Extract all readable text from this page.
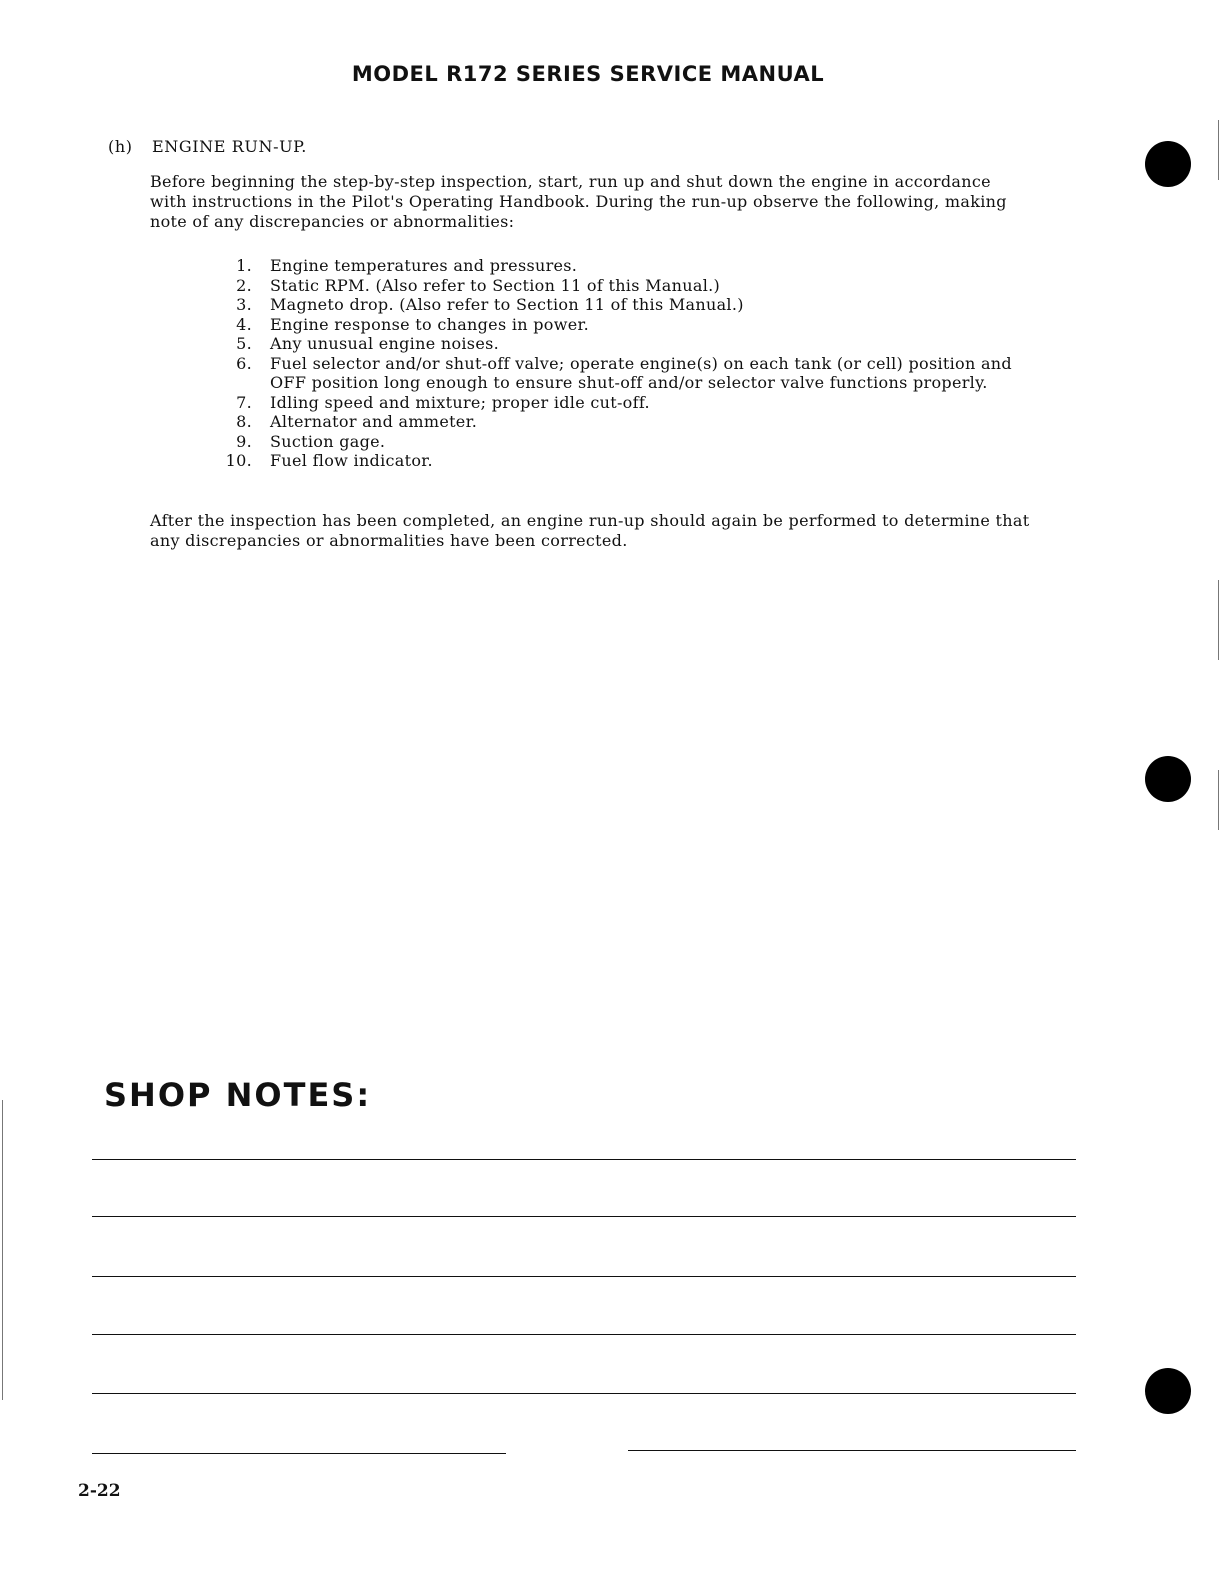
MODEL R172 SERIES SERVICE MANUAL
(h) ENGINE RUN-UP.

Before beginning the step-by-step inspection, start, run up and shut down the engine in accordance with instructions in the Pilot's Operating Handbook. During the run-up observe the following, making note of any discrepancies or abnormalities:

1. Engine temperatures and pressures.
2. Static RPM. (Also refer to Section 11 of this Manual.)
3. Magneto drop. (Also refer to Section 11 of this Manual.)
4. Engine response to changes in power.
5. Any unusual engine noises.
6. Fuel selector and/or shut-off valve; operate engine(s) on each tank (or cell) position and OFF position long enough to ensure shut-off and/or selector valve functions properly.
7. Idling speed and mixture; proper idle cut-off.
8. Alternator and ammeter.
9. Suction gage.
10. Fuel flow indicator.

After the inspection has been completed, an engine run-up should again be performed to determine that any discrepancies or abnormalities have been corrected.

SHOP NOTES:
2-22
